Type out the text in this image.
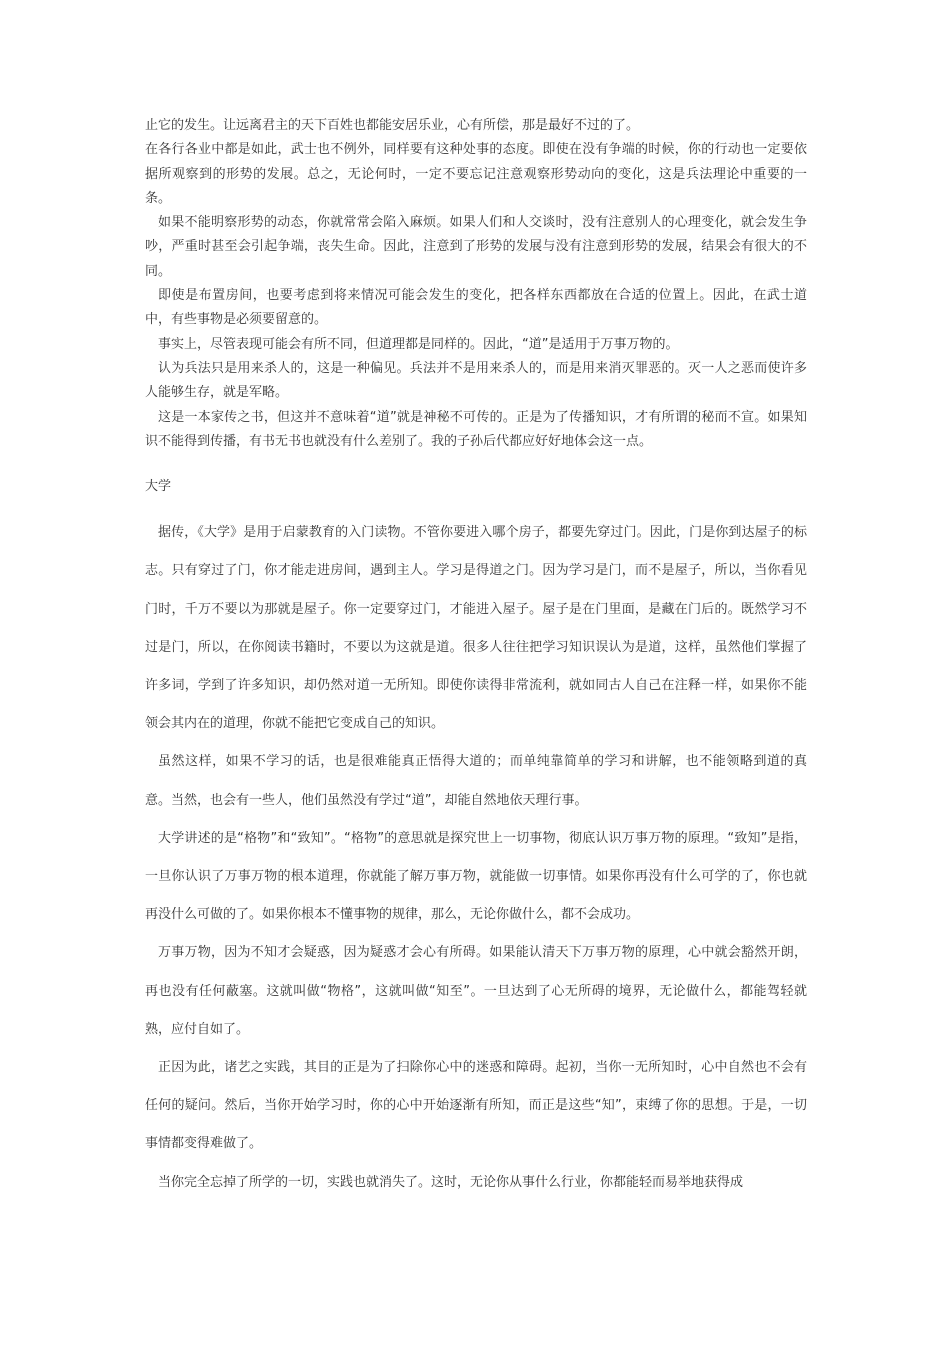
止它的发生。让远离君主的天下百姓也都能安居乐业，心有所偿，那是最好不过的了。

在各行各业中都是如此，武士也不例外，同样要有这种处事的态度。即使在没有争端的时候，你的行动也一定要依据所观察到的形势的发展。总之，无论何时，一定不要忘记注意观察形势动向的变化，这是兵法理论中重要的一条。

如果不能明察形势的动态，你就常常会陷入麻烦。如果人们和人交谈时，没有注意别人的心理变化，就会发生争吵，严重时甚至会引起争端，丧失生命。因此，注意到了形势的发展与没有注意到形势的发展，结果会有很大的不同。

即使是布置房间，也要考虑到将来情况可能会发生的变化，把各样东西都放在合适的位置上。因此，在武士道中，有些事物是必须要留意的。

事实上，尽管表现可能会有所不同，但道理都是同样的。因此，“道”是适用于万事万物的。

认为兵法只是用来杀人的，这是一种偏见。兵法并不是用来杀人的，而是用来消灭罪恶的。灭一人之恶而使许多人能够生存，就是军略。

这是一本家传之书，但这并不意味着“道”就是神秘不可传的。正是为了传播知识，才有所谓的秘而不宣。如果知识不能得到传播，有书无书也就没有什么差别了。我的子孙后代都应好好地体会这一点。

大学

据传，《大学》是用于启蒙教育的入门读物。不管你要进入哪个房子，都要先穿过门。因此，门是你到达屋子的标志。只有穿过了门，你才能走进房间，遇到主人。学习是得道之门。因为学习是门，而不是屋子，所以，当你看见门时，千万不要以为那就是屋子。你一定要穿过门，才能进入屋子。屋子是在门里面，是藏在门后的。既然学习不过是门，所以，在你阅读书籍时，不要以为这就是道。很多人往往把学习知识误认为是道，这样，虽然他们掌握了许多词，学到了许多知识，却仍然对道一无所知。即使你读得非常流利，就如同古人自己在注释一样，如果你不能领会其内在的道理，你就不能把它变成自己的知识。

虽然这样，如果不学习的话，也是很难能真正悟得大道的；而单纯靠简单的学习和讲解，也不能领略到道的真意。当然，也会有一些人，他们虽然没有学过“道”，却能自然地依天理行事。

大学讲述的是“格物”和“致知”。“格物”的意思就是探究世上一切事物，彻底认识万事万物的原理。“致知”是指，一旦你认识了万事万物的根本道理，你就能了解万事万物，就能做一切事情。如果你再没有什么可学的了，你也就再没什么可做的了。如果你根本不懂事物的规律，那么，无论你做什么，都不会成功。

万事万物，因为不知才会疑惑，因为疑惑才会心有所碍。如果能认清天下万事万物的原理，心中就会豁然开朗，再也没有任何蔽塞。这就叫做“物格”，这就叫做“知至”。一旦达到了心无所碍的境界，无论做什么，都能驾轻就熟，应付自如了。

正因为此，诸艺之实践，其目的正是为了扫除你心中的迷惑和障碍。起初，当你一无所知时，心中自然也不会有任何的疑问。然后，当你开始学习时，你的心中开始逐渐有所知，而正是这些“知”，束缚了你的思想。于是，一切事情都变得难做了。

当你完全忘掉了所学的一切，实践也就消失了。这时，无论你从事什么行业，你都能轻而易举地获得成
